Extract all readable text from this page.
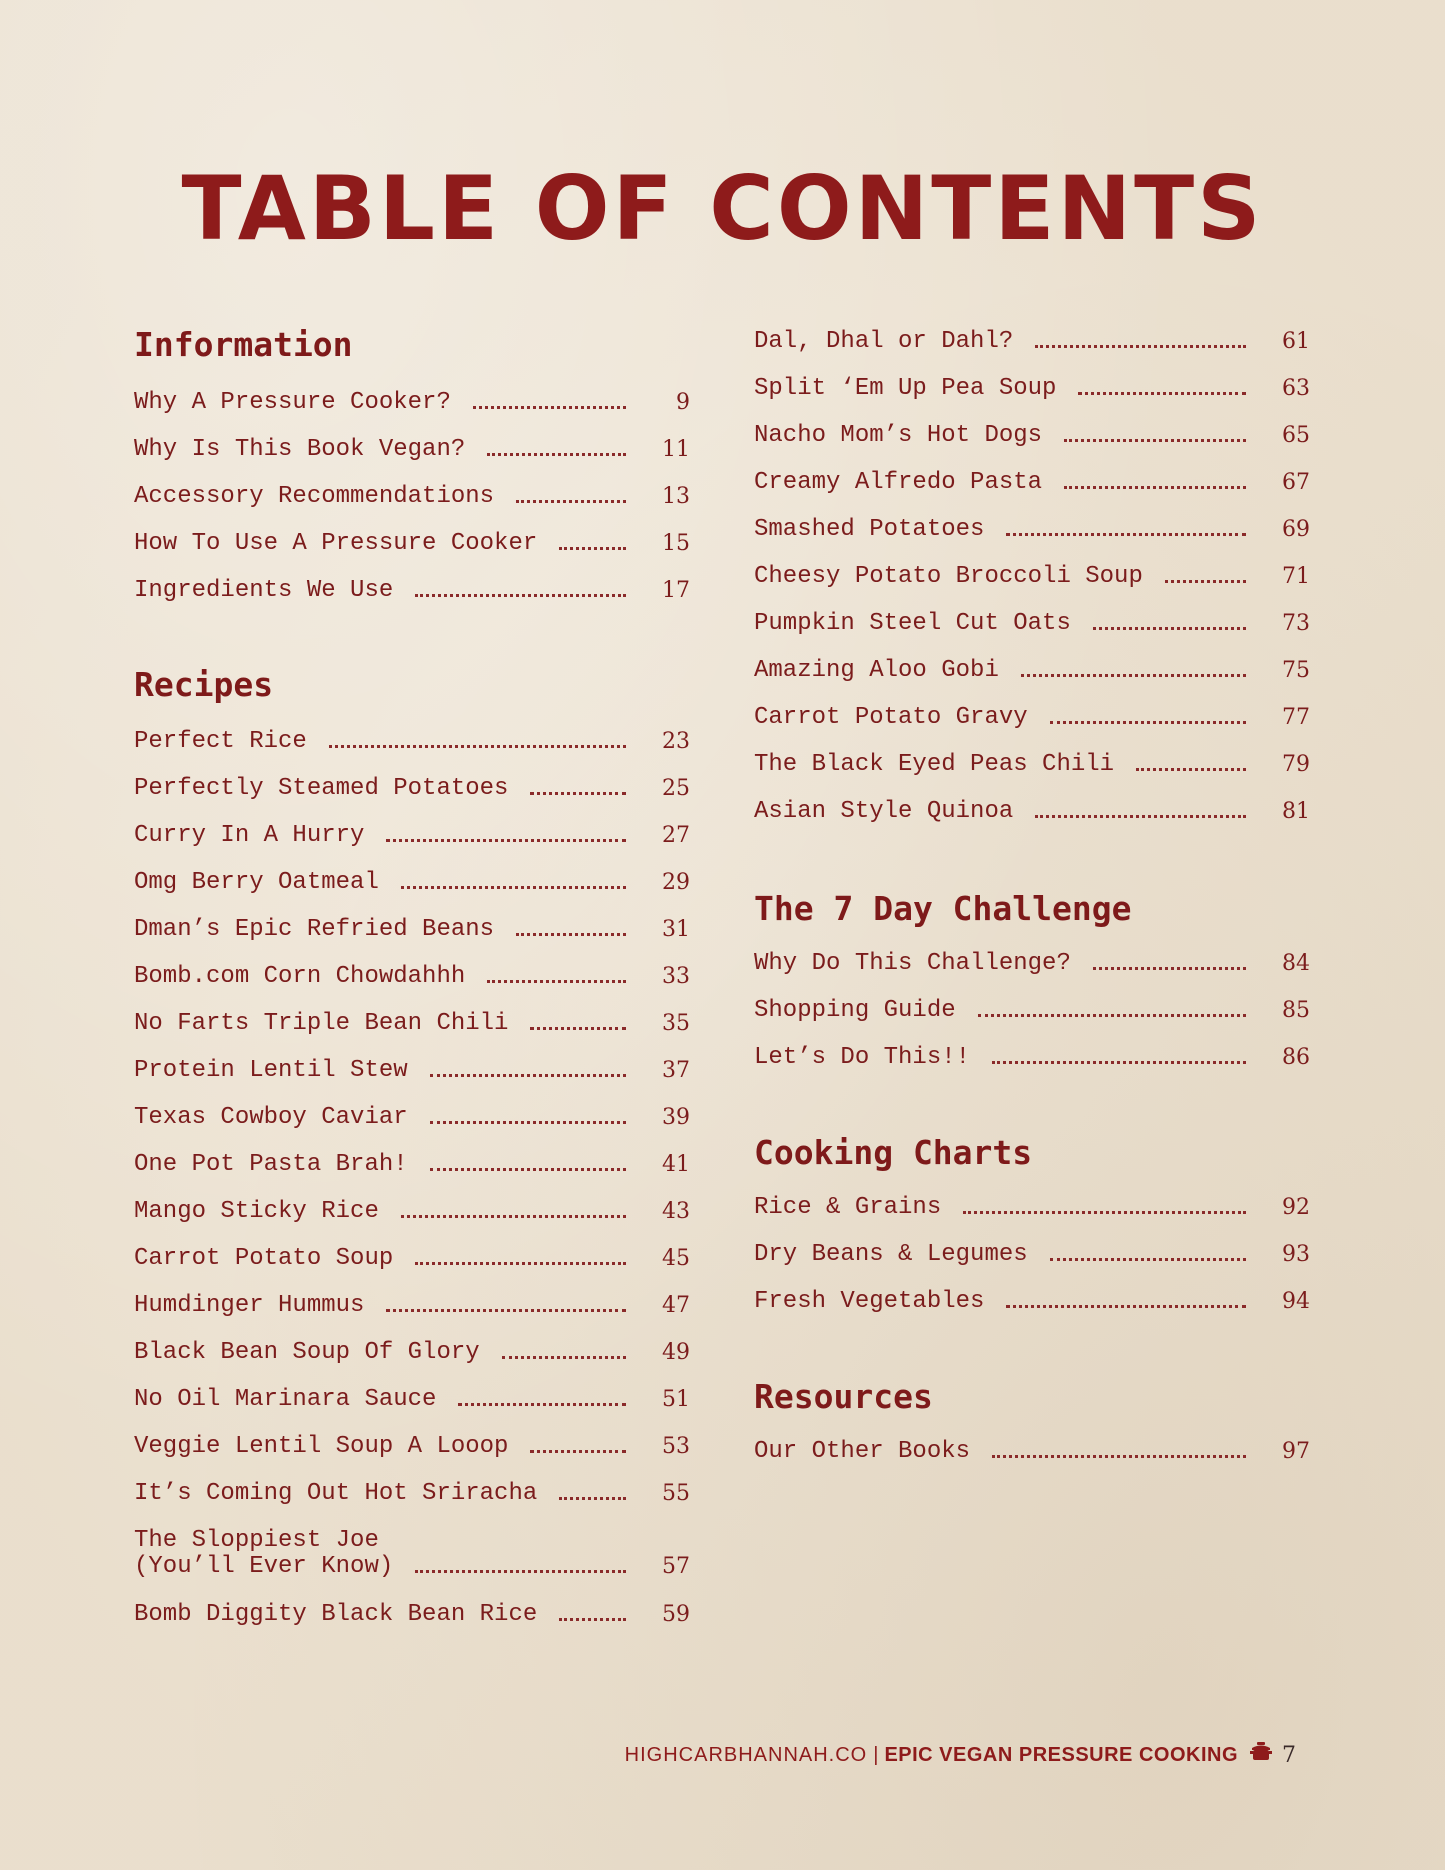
TABLE OF CONTENTS
Information
Why A Pressure Cooker?	9
Why Is This Book Vegan?	11
Accessory Recommendations	13
How To Use A Pressure Cooker	15
Ingredients We Use	17
Recipes
Perfect Rice	23
Perfectly Steamed Potatoes	25
Curry In A Hurry	27
Omg Berry Oatmeal	29
Dman’s Epic Refried Beans	31
Bomb.com Corn Chowdahhh	33
No Farts Triple Bean Chili	35
Protein Lentil Stew	37
Texas Cowboy Caviar	39
One Pot Pasta Brah!	41
Mango Sticky Rice	43
Carrot Potato Soup	45
Humdinger Hummus	47
Black Bean Soup Of Glory	49
No Oil Marinara Sauce	51
Veggie Lentil Soup A Looop	53
It’s Coming Out Hot Sriracha	55
The Sloppiest Joe
(You’ll Ever Know)	57
Bomb Diggity Black Bean Rice	59
Dal, Dhal or Dahl?	61
Split ‘Em Up Pea Soup	63
Nacho Mom’s Hot Dogs	65
Creamy Alfredo Pasta	67
Smashed Potatoes	69
Cheesy Potato Broccoli Soup	71
Pumpkin Steel Cut Oats	73
Amazing Aloo Gobi	75
Carrot Potato Gravy	77
The Black Eyed Peas Chili	79
Asian Style Quinoa	81
The 7 Day Challenge
Why Do This Challenge?	84
Shopping Guide	85
Let’s Do This!!	86
Cooking Charts
Rice & Grains	92
Dry Beans & Legumes	93
Fresh Vegetables	94
Resources
Our Other Books	97
HIGHCARBHANNAH.CO | EPIC VEGAN PRESSURE COOKING 7
